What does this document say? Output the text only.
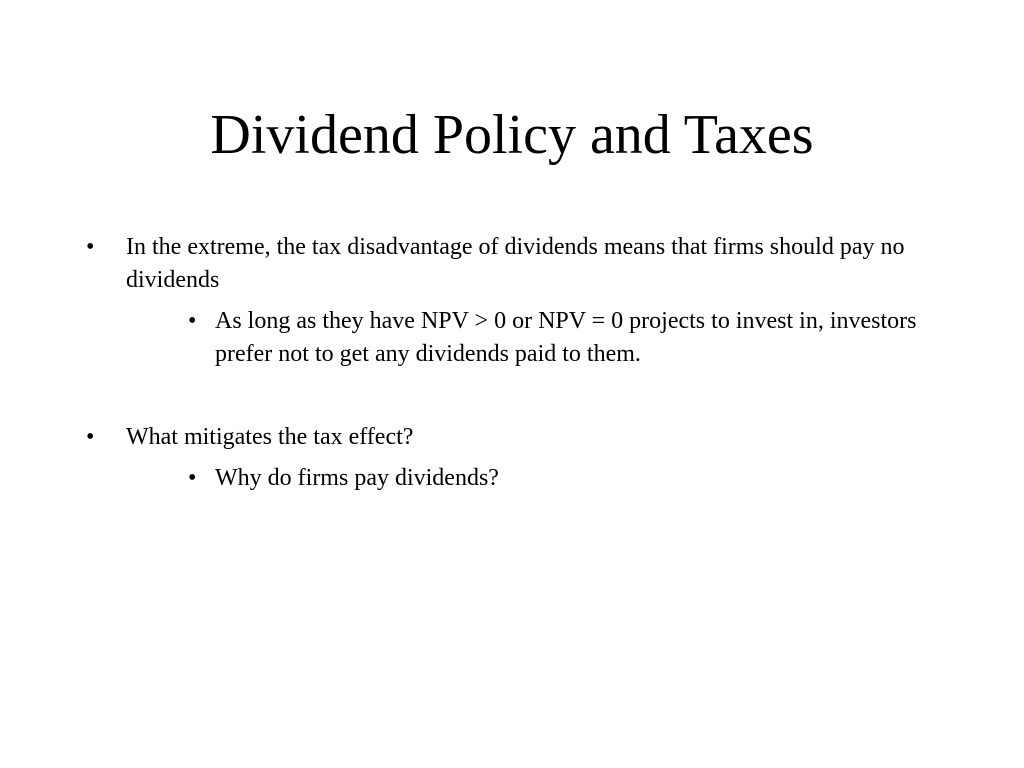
Dividend Policy and Taxes
• In the extreme, the tax disadvantage of dividends means that firms should pay no dividends
• As long as they have NPV > 0 or NPV = 0 projects to invest in, investors prefer not to get any dividends paid to them.
• What mitigates the tax effect?
• Why do firms pay dividends?
